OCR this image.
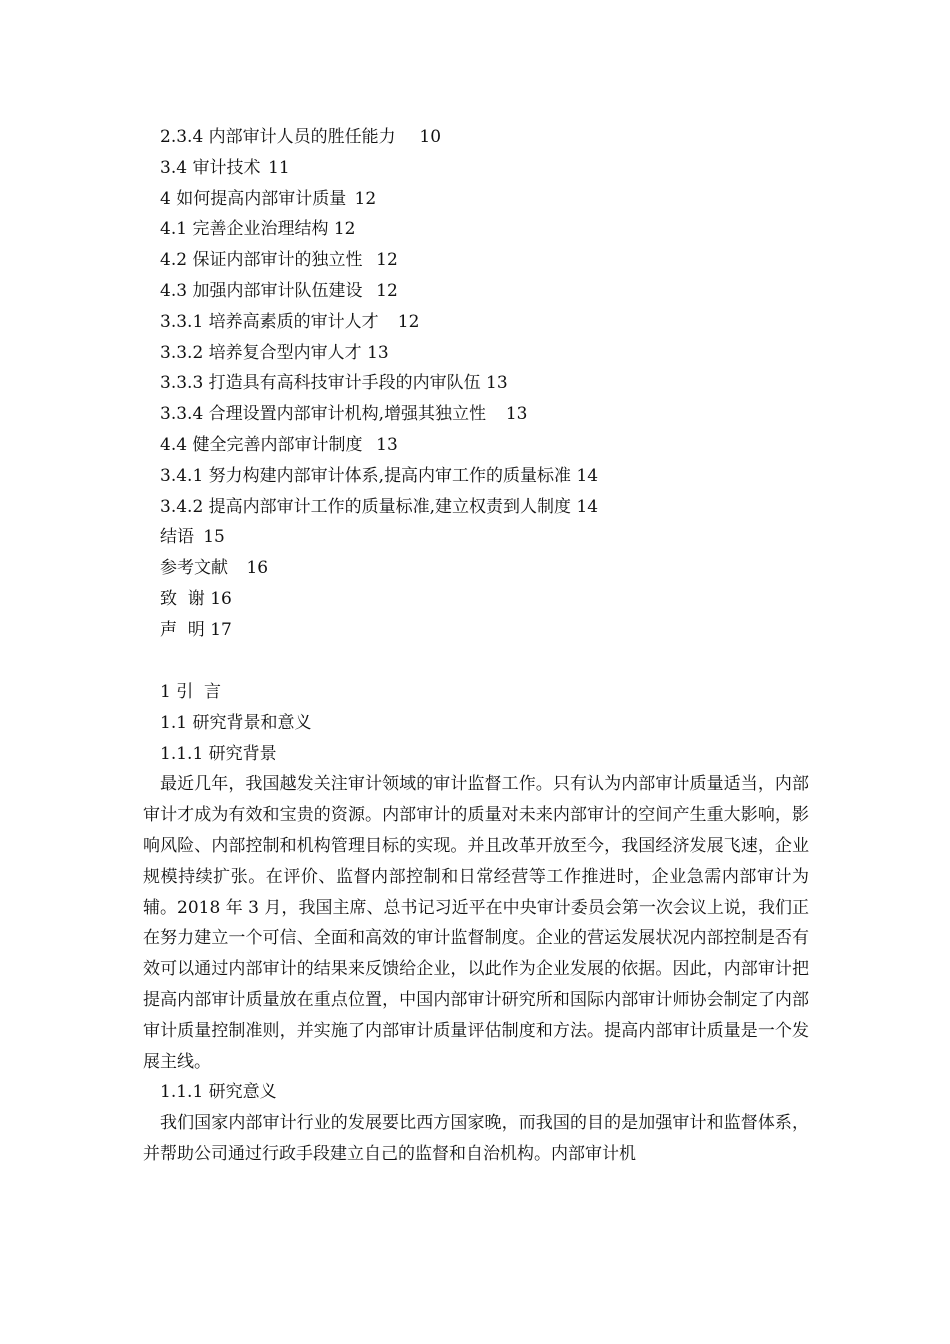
2.3.4 内部审计人员的胜任能力	10
3.4 审计技术	11
4 如何提高内部审计质量	12
4.1 完善企业治理结构 12
4.2 保证内部审计的独立性	12
4.3 加强内部审计队伍建设	12
3.3.1 培养高素质的审计人才	12
3.3.2 培养复合型内审人才 13
3.3.3 打造具有高科技审计手段的内审队伍 13
3.3.4 合理设置内部审计机构,增强其独立性	13
4.4 健全完善内部审计制度	13
3.4.1 努力构建内部审计体系,提高内审工作的质量标准 14
3.4.2 提高内部审计工作的质量标准,建立权责到人制度 14
结语	15
参考文献	16
致  谢 16
声  明 17
1 引  言
1.1 研究背景和意义
1.1.1 研究背景

最近几年，我国越发关注审计领域的审计监督工作。只有认为内部审计质量适当，内部审计才成为有效和宝贵的资源。内部审计的质量对未来内部审计的空间产生重大影响，影响风险、内部控制和机构管理目标的实现。并且改革开放至今，我国经济发展飞速，企业规模持续扩张。在评价、监督内部控制和日常经营等工作推进时，企业急需内部审计为辅。2018 年 3 月，我国主席、总书记习近平在中央审计委员会第一次会议上说，我们正在努力建立一个可信、全面和高效的审计监督制度。企业的营运发展状况内部控制是否有效可以通过内部审计的结果来反馈给企业，以此作为企业发展的依据。因此，内部审计把提高内部审计质量放在重点位置，中国内部审计研究所和国际内部审计师协会制定了内部审计质量控制准则，并实施了内部审计质量评估制度和方法。提高内部审计质量是一个发展主线。

1.1.1 研究意义

我们国家内部审计行业的发展要比西方国家晚，而我国的目的是加强审计和监督体系，并帮助公司通过行政手段建立自己的监督和自治机构。内部审计机
